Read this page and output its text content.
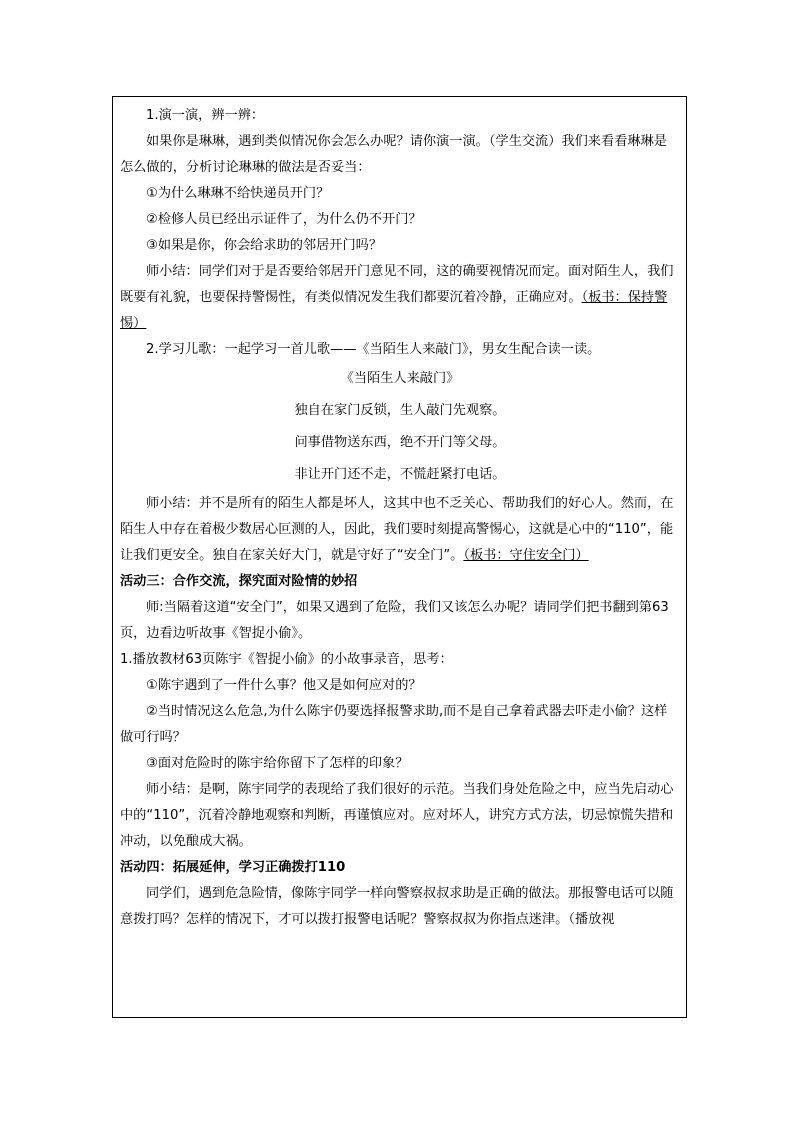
1.演一演，辨一辨：

如果你是琳琳，遇到类似情况你会怎么办呢？请你演一演。（学生交流）我们来看看琳琳是怎么做的，分析讨论琳琳的做法是否妥当：

①为什么琳琳不给快递员开门？

②检修人员已经出示证件了，为什么仍不开门？

③如果是你，你会给求助的邻居开门吗？

师小结：同学们对于是否要给邻居开门意见不同，这的确要视情况而定。面对陌生人，我们既要有礼貌，也要保持警惕性，有类似情况发生我们都要沉着冷静，正确应对。（板书：保持警惕）

2.学习儿歌：一起学习一首儿歌——《当陌生人来敲门》，男女生配合读一读。

《当陌生人来敲门》

独自在家门反锁，生人敲门先观察。

问事借物送东西，绝不开门等父母。

非让开门还不走，不慌赶紧打电话。

师小结：并不是所有的陌生人都是坏人，这其中也不乏关心、帮助我们的好心人。然而，在陌生人中存在着极少数居心叵测的人，因此，我们要时刻提高警惕心，这就是心中的“110”，能让我们更安全。独自在家关好大门，就是守好了“安全门”。（板书：守住安全门）

活动三：合作交流，探究面对险情的妙招

师:当隔着这道“安全门”，如果又遇到了危险，我们又该怎么办呢？请同学们把书翻到第63页，边看边听故事《智捉小偷》。

1.播放教材63页陈宇《智捉小偷》的小故事录音，思考：

①陈宇遇到了一件什么事？他又是如何应对的？

②当时情况这么危急,为什么陈宇仍要选择报警求助,而不是自己拿着武器去吓走小偷？这样做可行吗？

③面对危险时的陈宇给你留下了怎样的印象？

师小结：是啊，陈宇同学的表现给了我们很好的示范。当我们身处危险之中，应当先启动心中的“110”，沉着冷静地观察和判断，再谨慎应对。应对坏人，讲究方式方法，切忌惊慌失措和冲动，以免酿成大祸。

活动四：拓展延伸，学习正确拨打110

同学们，遇到危急险情，像陈宇同学一样向警察叔叔求助是正确的做法。那报警电话可以随意拨打吗？怎样的情况下，才可以拨打报警电话呢？警察叔叔为你指点迷津。（播放视
